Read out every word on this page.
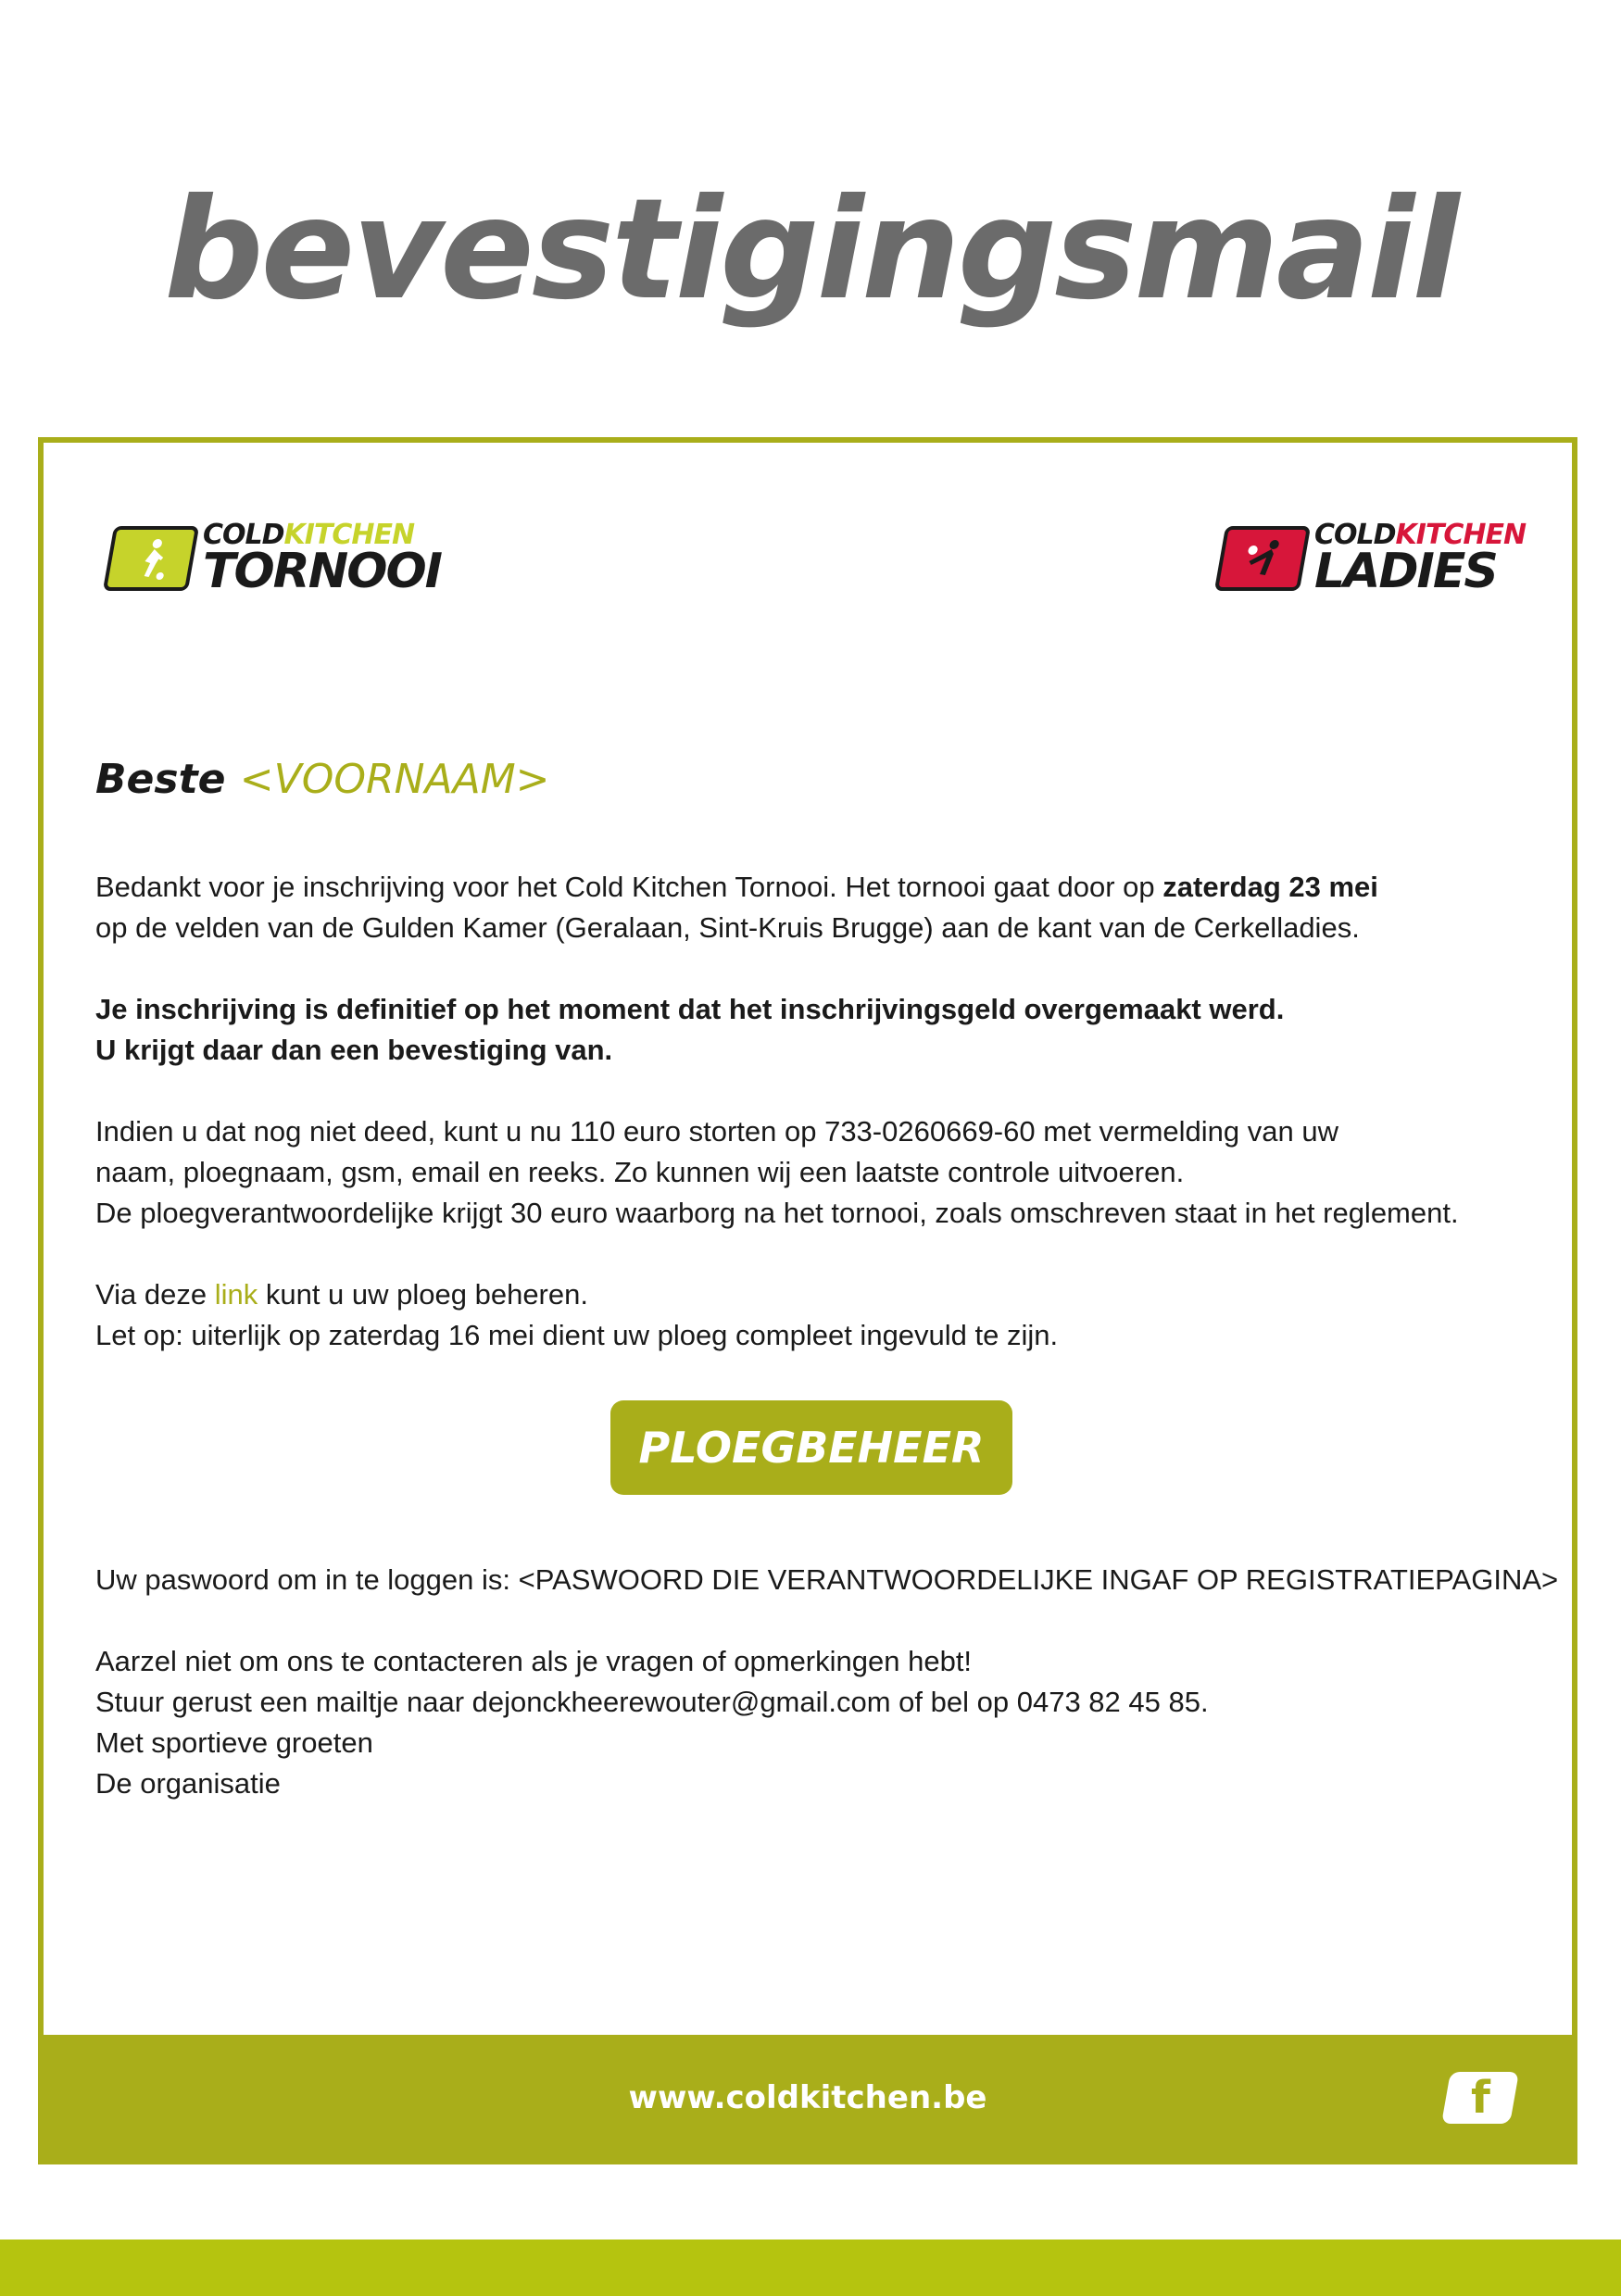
bevestigingsmail
COLDKITCHEN
TORNOOI
COLDKITCHEN
LADIES
Beste <VOORNAAM>
Bedankt voor je inschrijving voor het Cold Kitchen Tornooi. Het tornooi gaat door op zaterdag 23 mei
op de velden van de Gulden Kamer (Geralaan, Sint-Kruis Brugge) aan de kant van de Cerkelladies.
Je inschrijving is definitief op het moment dat het inschrijvingsgeld overgemaakt werd.
U krijgt daar dan een bevestiging van.
Indien u dat nog niet deed, kunt u nu 110 euro storten op 733-0260669-60 met vermelding van uw
naam, ploegnaam, gsm, email en reeks. Zo kunnen wij een laatste controle uitvoeren.
De ploegverantwoordelijke krijgt 30 euro waarborg na het tornooi, zoals omschreven staat in het reglement.
Via deze link kunt u uw ploeg beheren.
Let op: uiterlijk op zaterdag 16 mei dient uw ploeg compleet ingevuld te zijn.
PLOEGBEHEER
Uw paswoord om in te loggen is: <PASWOORD DIE VERANTWOORDELIJKE INGAF OP REGISTRATIEPAGINA>
Aarzel niet om ons te contacteren als je vragen of opmerkingen hebt!
Stuur gerust een mailtje naar dejonckheerewouter@gmail.com of bel op 0473 82 45 85.
Met sportieve groeten
De organisatie
www.coldkitchen.be	f
